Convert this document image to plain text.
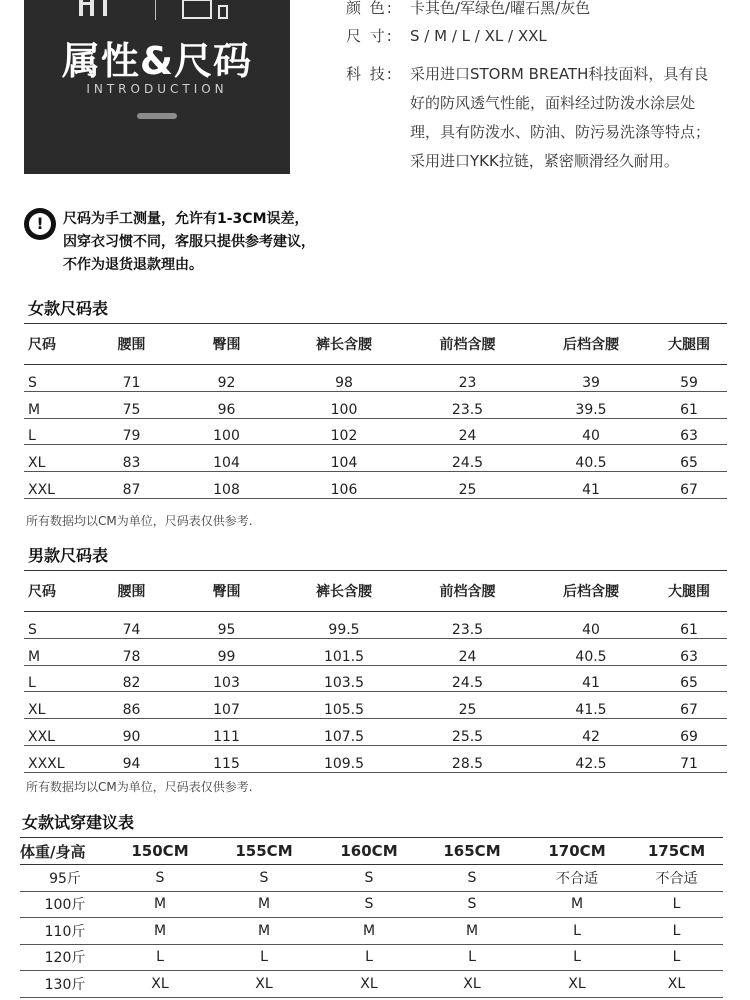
属性&尺码
INTRODUCTION
颜 色: 卡其色/军绿色/曜石黑/灰色
尺 寸: S / M / L / XL / XXL
科 技:	采用进口STORM BREATH科技面料，具有良好的防风透气性能，面料经过防泼水涂层处理，具有防泼水、防油、防污易洗涤等特点；采用进口YKK拉链，紧密顺滑经久耐用。
!	尺码为手工测量，允许有1-3CM误差，
因穿衣习惯不同，客服只提供参考建议，
不作为退货退款理由。
女款尺码表
尺码	腰围	臀围	裤长含腰	前档含腰	后档含腰	大腿围
S	71	92	98	23	39	59
M	75	96	100	23.5	39.5	61
L	79	100	102	24	40	63
XL	83	104	104	24.5	40.5	65
XXL	87	108	106	25	41	67
所有数据均以CM为单位，尺码表仅供参考.
男款尺码表
尺码	腰围	臀围	裤长含腰	前档含腰	后档含腰	大腿围
S	74	95	99.5	23.5	40	61
M	78	99	101.5	24	40.5	63
L	82	103	103.5	24.5	41	65
XL	86	107	105.5	25	41.5	67
XXL	90	111	107.5	25.5	42	69
XXXL	94	115	109.5	28.5	42.5	71
所有数据均以CM为单位，尺码表仅供参考.
女款试穿建议表
体重/身高	150CM	155CM	160CM	165CM	170CM	175CM
95斤	S	S	S	S	不合适	不合适
100斤	M	M	S	S	M	L
110斤	M	M	M	M	L	L
120斤	L	L	L	L	L	L
130斤	XL	XL	XL	XL	XL	XL
